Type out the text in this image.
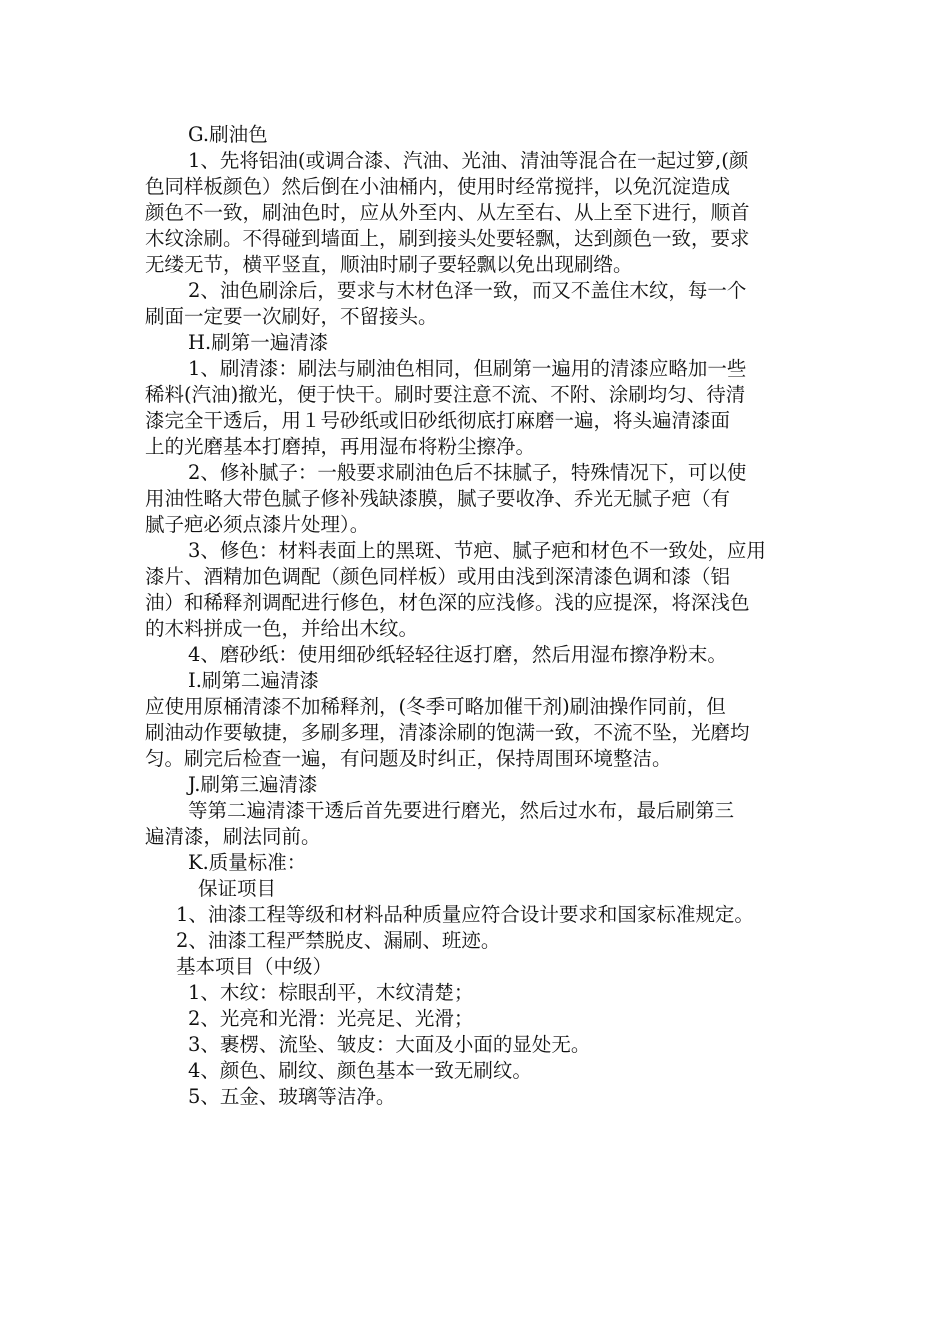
G.刷油色
1、先将铝油(或调合漆、汽油、光油、清油等混合在一起过箩,(颜
色同样板颜色）然后倒在小油桶内，使用时经常搅拌，以免沉淀造成
颜色不一致，刷油色时，应从外至内、从左至右、从上至下进行，顺首
木纹涂刷。不得碰到墙面上，刷到接头处要轻飘，达到颜色一致，要求
无缕无节，横平竖直，顺油时刷子要轻飘以免出现刷绺。
2、油色刷涂后，要求与木材色泽一致，而又不盖住木纹，每一个
刷面一定要一次刷好，不留接头。
H.刷第一遍清漆
1、刷清漆：刷法与刷油色相同，但刷第一遍用的清漆应略加一些
稀料(汽油)撤光，便于快干。刷时要注意不流、不附、涂刷均匀、待清
漆完全干透后，用１号砂纸或旧砂纸彻底打麻磨一遍，将头遍清漆面
上的光磨基本打磨掉，再用湿布将粉尘擦净。
2、修补腻子：一般要求刷油色后不抹腻子，特殊情况下，可以使
用油性略大带色腻子修补残缺漆膜，腻子要收净、乔光无腻子疤（有
腻子疤必须点漆片处理）。
3、修色：材料表面上的黑斑、节疤、腻子疤和材色不一致处，应用
漆片、酒精加色调配（颜色同样板）或用由浅到深清漆色调和漆（铝
油）和稀释剂调配进行修色，材色深的应浅修。浅的应提深，将深浅色
的木料拼成一色，并给出木纹。
4、磨砂纸：使用细砂纸轻轻往返打磨，然后用湿布擦净粉末。
I.刷第二遍清漆
应使用原桶清漆不加稀释剂，(冬季可略加催干剂)刷油操作同前，但
刷油动作要敏捷，多刷多理，清漆涂刷的饱满一致，不流不坠，光磨均
匀。刷完后检查一遍，有问题及时纠正，保持周围环境整洁。
J.刷第三遍清漆
等第二遍清漆干透后首先要进行磨光，然后过水布，最后刷第三
遍清漆，刷法同前。
K.质量标准：
保证项目
1、油漆工程等级和材料品种质量应符合设计要求和国家标准规定。
2、油漆工程严禁脱皮、漏刷、班迹。
基本项目（中级）
1、木纹：棕眼刮平，木纹清楚；
2、光亮和光滑：光亮足、光滑；
3、裹楞、流坠、皱皮：大面及小面的显处无。
4、颜色、刷纹、颜色基本一致无刷纹。
5、五金、玻璃等洁净。
